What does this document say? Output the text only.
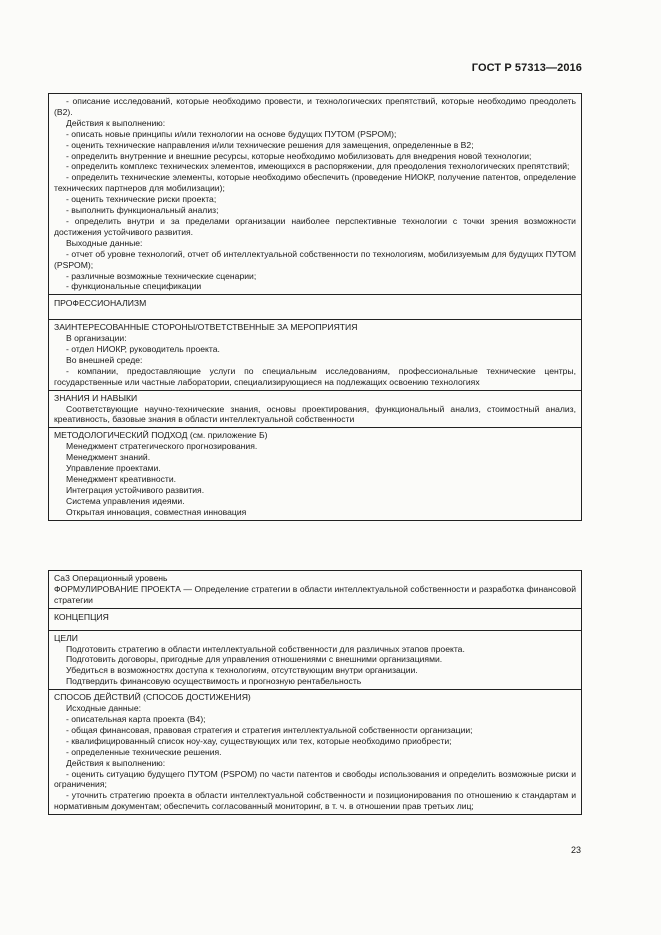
ГОСТ Р 57313—2016
- описание исследований, которые необходимо провести, и технологических препятствий, которые необходимо преодолеть (В2).
Действия к выполнению:
- описать новые принципы и/или технологии на основе будущих ПУТОМ (PSPOM);
- оценить технические направления и/или технические решения для замещения, определенные в В2;
- определить внутренние и внешние ресурсы, которые необходимо мобилизовать для внедрения новой технологии;
- определить комплекс технических элементов, имеющихся в распоряжении, для преодоления технологических препятствий;
- определить технические элементы, которые необходимо обеспечить (проведение НИОКР, получение патентов, определение технических партнеров для мобилизации);
- оценить технические риски проекта;
- выполнить функциональный анализ;
- определить внутри и за пределами организации наиболее перспективные технологии с точки зрения возможности достижения устойчивого развития.
Выходные данные:
- отчет об уровне технологий, отчет об интеллектуальной собственности по технологиям, мобилизуемым для будущих ПУТОМ (PSPOM);
- различные возможные технические сценарии;
- функциональные спецификации
ПРОФЕССИОНАЛИЗМ
ЗАИНТЕРЕСОВАННЫЕ СТОРОНЫ/ОТВЕТСТВЕННЫЕ ЗА МЕРОПРИЯТИЯ
В организации:
- отдел НИОКР, руководитель проекта.
Во внешней среде:
- компании, предоставляющие услуги по специальным исследованиям, профессиональные технические центры, государственные или частные лаборатории, специализирующиеся на подлежащих освоению технологиях
ЗНАНИЯ И НАВЫКИ
Соответствующие научно-технические знания, основы проектирования, функциональный анализ, стоимостный анализ, креативность, базовые знания в области интеллектуальной собственности
МЕТОДОЛОГИЧЕСКИЙ ПОДХОД (см. приложение Б)
Менеджмент стратегического прогнозирования.
Менеджмент знаний.
Управление проектами.
Менеджмент креативности.
Интеграция устойчивого развития.
Система управления идеями.
Открытая инновация, совместная инновация
Са3 Операционный уровень
ФОРМУЛИРОВАНИЕ ПРОЕКТА — Определение стратегии в области интеллектуальной собственности и разработка финансовой стратегии
КОНЦЕПЦИЯ
ЦЕЛИ
Подготовить стратегию в области интеллектуальной собственности для различных этапов проекта.
Подготовить договоры, пригодные для управления отношениями с внешними организациями.
Убедиться в возможностях доступа к технологиям, отсутствующим внутри организации.
Подтвердить финансовую осуществимость и прогнозную рентабельность
СПОСОБ ДЕЙСТВИЙ (СПОСОБ ДОСТИЖЕНИЯ)
Исходные данные:
- описательная карта проекта (В4);
- общая финансовая, правовая стратегия и стратегия интеллектуальной собственности организации;
- квалифицированный список ноу-хау, существующих или тех, которые необходимо приобрести;
- определенные технические решения.
Действия к выполнению:
- оценить ситуацию будущего ПУТОМ (PSPOM) по части патентов и свободы использования и определить возможные риски и ограничения;
- уточнить стратегию проекта в области интеллектуальной собственности и позиционирования по отношению к стандартам и нормативным документам; обеспечить согласованный мониторинг, в т. ч. в отношении прав третьих лиц;
23
